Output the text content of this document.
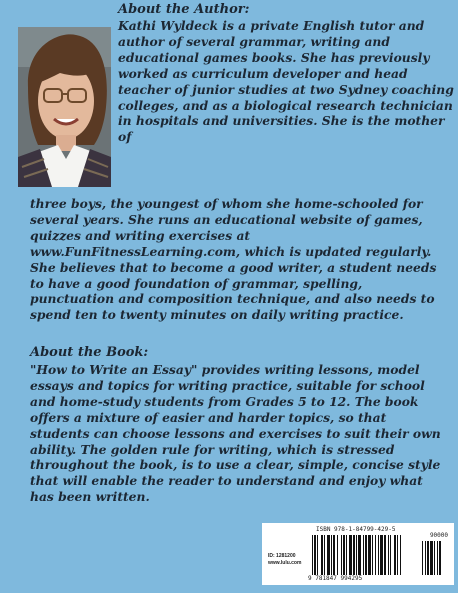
About the Author:

Kathi Wyldeck is a private English tutor and author of several grammar, writing and educational games books. She has previously worked as curriculum developer and head teacher of junior studies at two Sydney coaching colleges, and as a biological research technician in hospitals and universities. She is the mother of

three boys, the youngest of whom she home-schooled for several years. She runs an educational website of games, quizzes and writing exercises at www.FunFitnessLearning.com, which is updated regularly. She believes that to become a good writer, a student needs to have a good foundation of grammar, spelling, punctuation and composition technique, and also needs to spend ten to twenty minutes on daily writing practice.

About the Book:

"How to Write an Essay" provides writing lessons, model essays and topics for writing practice, suitable for school and home-study students from Grades 5 to 12. The book offers a mixture of easier and harder topics, so that students can choose lessons and exercises to suit their own ability. The golden rule for writing, which is stressed throughout the book, is to use a clear, simple, concise style that will enable the reader to understand and enjoy what has been written.

ISBN 978-1-84799-429-5
90000
ID: 1281200
www.lulu.com
9 781847 994295
